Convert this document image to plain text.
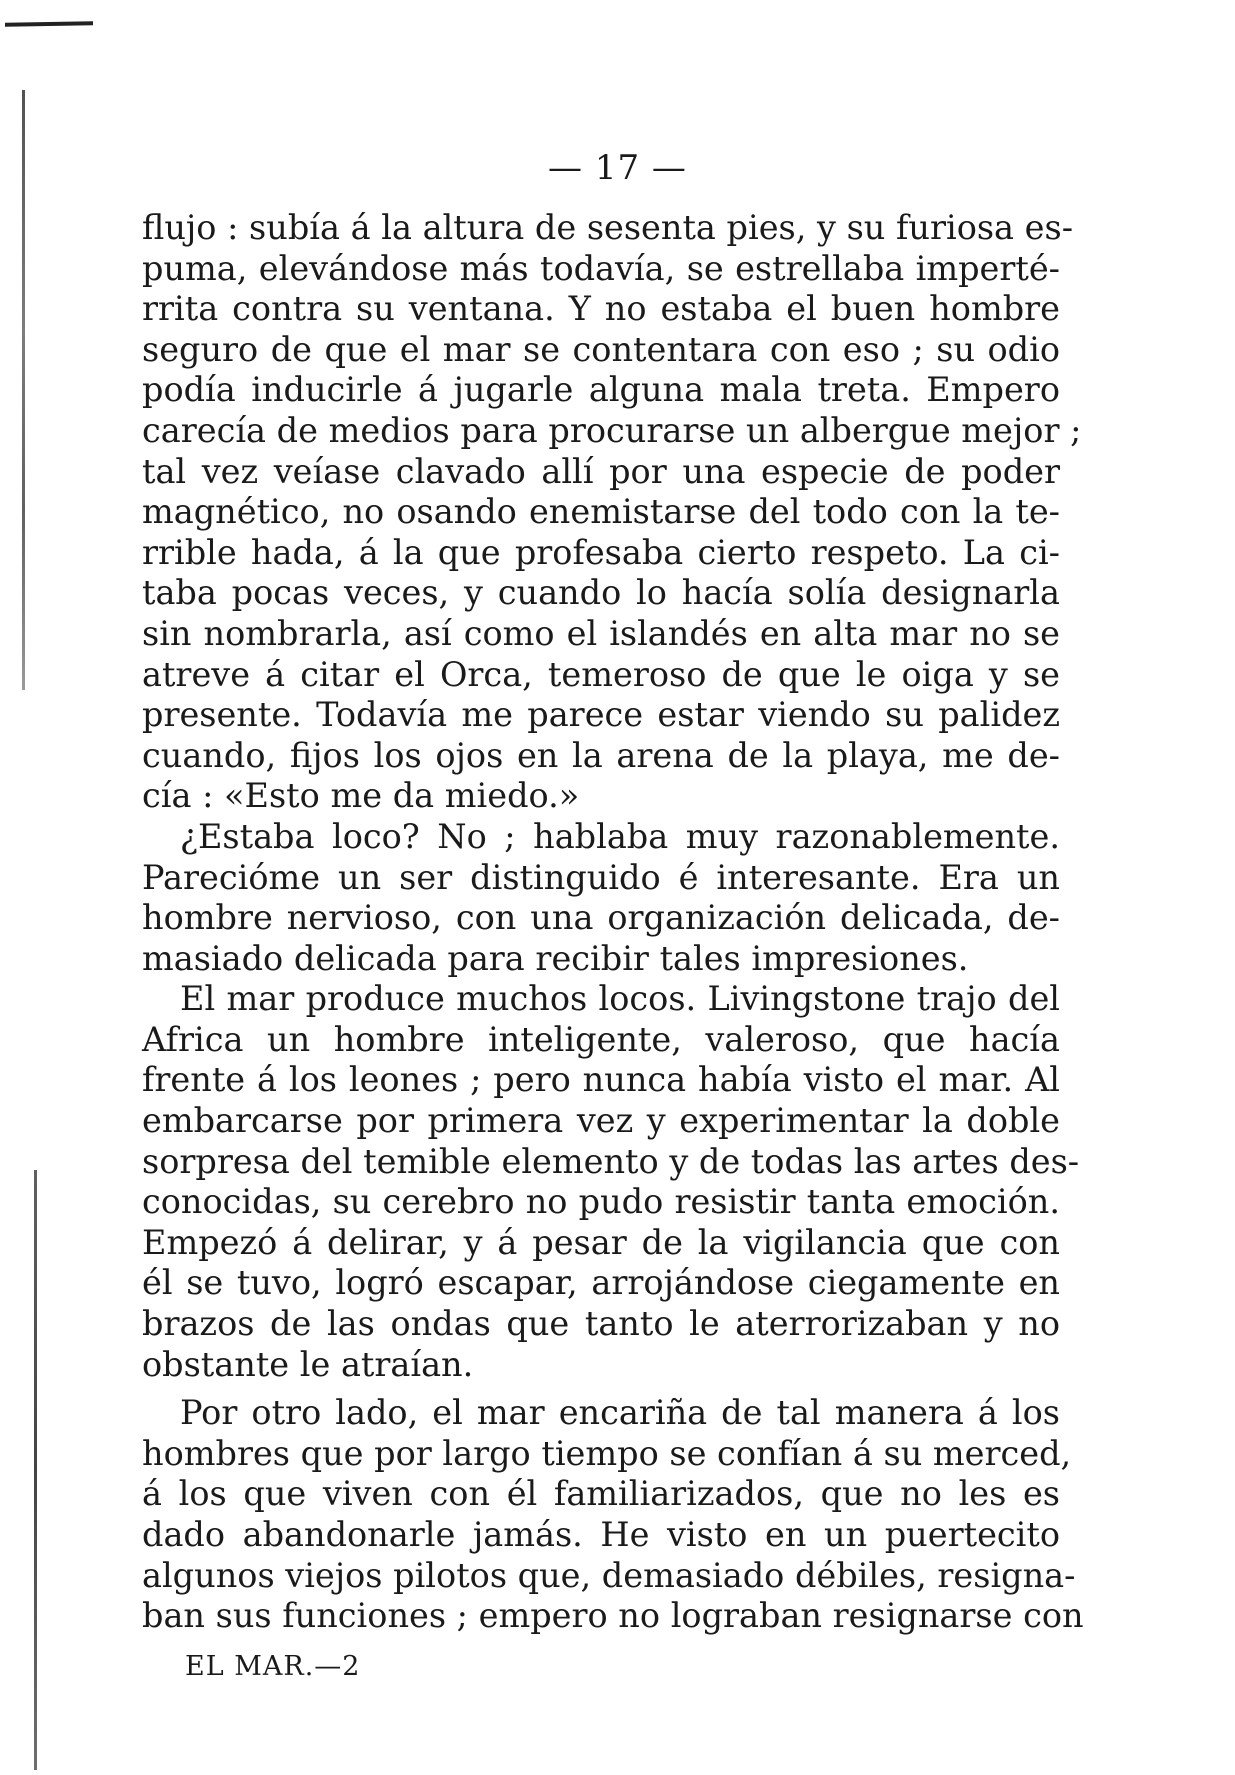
— 17 —
flujo : subía á la altura de sesenta pies, y su furiosa es-
puma, elevándose más todavía, se estrellaba imperté-
rrita contra su ventana. Y no estaba el buen hombre
seguro de que el mar se contentara con eso ; su odio
podía inducirle á jugarle alguna mala treta. Empero
carecía de medios para procurarse un albergue mejor ;
tal vez veíase clavado allí por una especie de poder
magnético, no osando enemistarse del todo con la te-
rrible hada, á la que profesaba cierto respeto. La ci-
taba pocas veces, y cuando lo hacía solía designarla
sin nombrarla, así como el islandés en alta mar no se
atreve á citar el Orca, temeroso de que le oiga y se
presente. Todavía me parece estar viendo su palidez
cuando, fijos los ojos en la arena de la playa, me de-
cía : «Esto me da miedo.»
¿Estaba loco? No ; hablaba muy razonablemente.
Parecióme un ser distinguido é interesante. Era un
hombre nervioso, con una organización delicada, de-
masiado delicada para recibir tales impresiones.
El mar produce muchos locos. Livingstone trajo del
Africa un hombre inteligente, valeroso, que hacía
frente á los leones ; pero nunca había visto el mar. Al
embarcarse por primera vez y experimentar la doble
sorpresa del temible elemento y de todas las artes des-
conocidas, su cerebro no pudo resistir tanta emoción.
Empezó á delirar, y á pesar de la vigilancia que con
él se tuvo, logró escapar, arrojándose ciegamente en
brazos de las ondas que tanto le aterrorizaban y no
obstante le atraían.
Por otro lado, el mar encariña de tal manera á los
hombres que por largo tiempo se confían á su merced,
á los que viven con él familiarizados, que no les es
dado abandonarle jamás. He visto en un puertecito
algunos viejos pilotos que, demasiado débiles, resigna-
ban sus funciones ; empero no lograban resignarse con
EL MAR.—2
